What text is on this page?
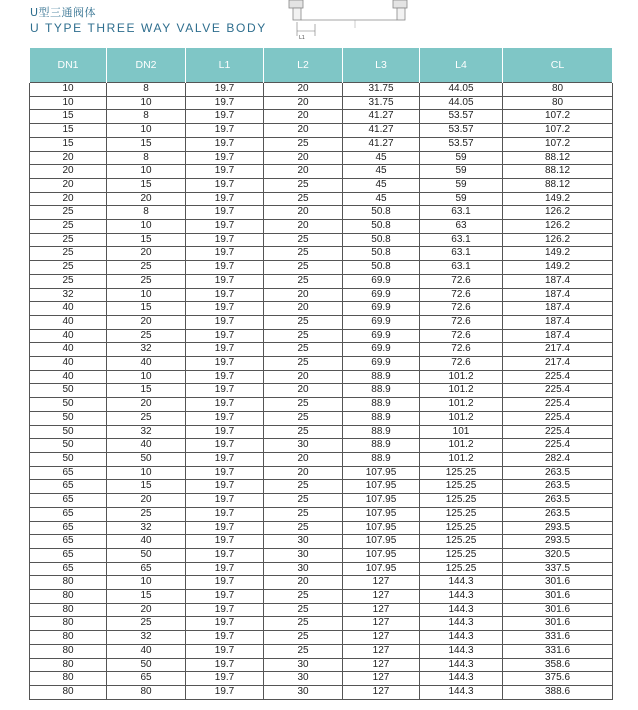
U型三通阀体
U TYPE THREE WAY VALVE BODY
L1
DN1	DN2	L1	L2	L3	L4	CL
10	8	19.7	20	31.75	44.05	80
10	10	19.7	20	31.75	44.05	80
15	8	19.7	20	41.27	53.57	107.2
15	10	19.7	20	41.27	53.57	107.2
15	15	19.7	25	41.27	53.57	107.2
20	8	19.7	20	45	59	88.12
20	10	19.7	20	45	59	88.12
20	15	19.7	25	45	59	88.12
20	20	19.7	25	45	59	149.2
25	8	19.7	20	50.8	63.1	126.2
25	10	19.7	20	50.8	63	126.2
25	15	19.7	25	50.8	63.1	126.2
25	20	19.7	25	50.8	63.1	149.2
25	25	19.7	25	50.8	63.1	149.2
25	25	19.7	25	69.9	72.6	187.4
32	10	19.7	20	69.9	72.6	187.4
40	15	19.7	20	69.9	72.6	187.4
40	20	19.7	25	69.9	72.6	187.4
40	25	19.7	25	69.9	72.6	187.4
40	32	19.7	25	69.9	72.6	217.4
40	40	19.7	25	69.9	72.6	217.4
40	10	19.7	20	88.9	101.2	225.4
50	15	19.7	20	88.9	101.2	225.4
50	20	19.7	25	88.9	101.2	225.4
50	25	19.7	25	88.9	101.2	225.4
50	32	19.7	25	88.9	101	225.4
50	40	19.7	30	88.9	101.2	225.4
50	50	19.7	20	88.9	101.2	282.4
65	10	19.7	20	107.95	125.25	263.5
65	15	19.7	25	107.95	125.25	263.5
65	20	19.7	25	107.95	125.25	263.5
65	25	19.7	25	107.95	125.25	263.5
65	32	19.7	25	107.95	125.25	293.5
65	40	19.7	30	107.95	125.25	293.5
65	50	19.7	30	107.95	125.25	320.5
65	65	19.7	30	107.95	125.25	337.5
80	10	19.7	20	127	144.3	301.6
80	15	19.7	25	127	144.3	301.6
80	20	19.7	25	127	144.3	301.6
80	25	19.7	25	127	144.3	301.6
80	32	19.7	25	127	144.3	331.6
80	40	19.7	25	127	144.3	331.6
80	50	19.7	30	127	144.3	358.6
80	65	19.7	30	127	144.3	375.6
80	80	19.7	30	127	144.3	388.6
